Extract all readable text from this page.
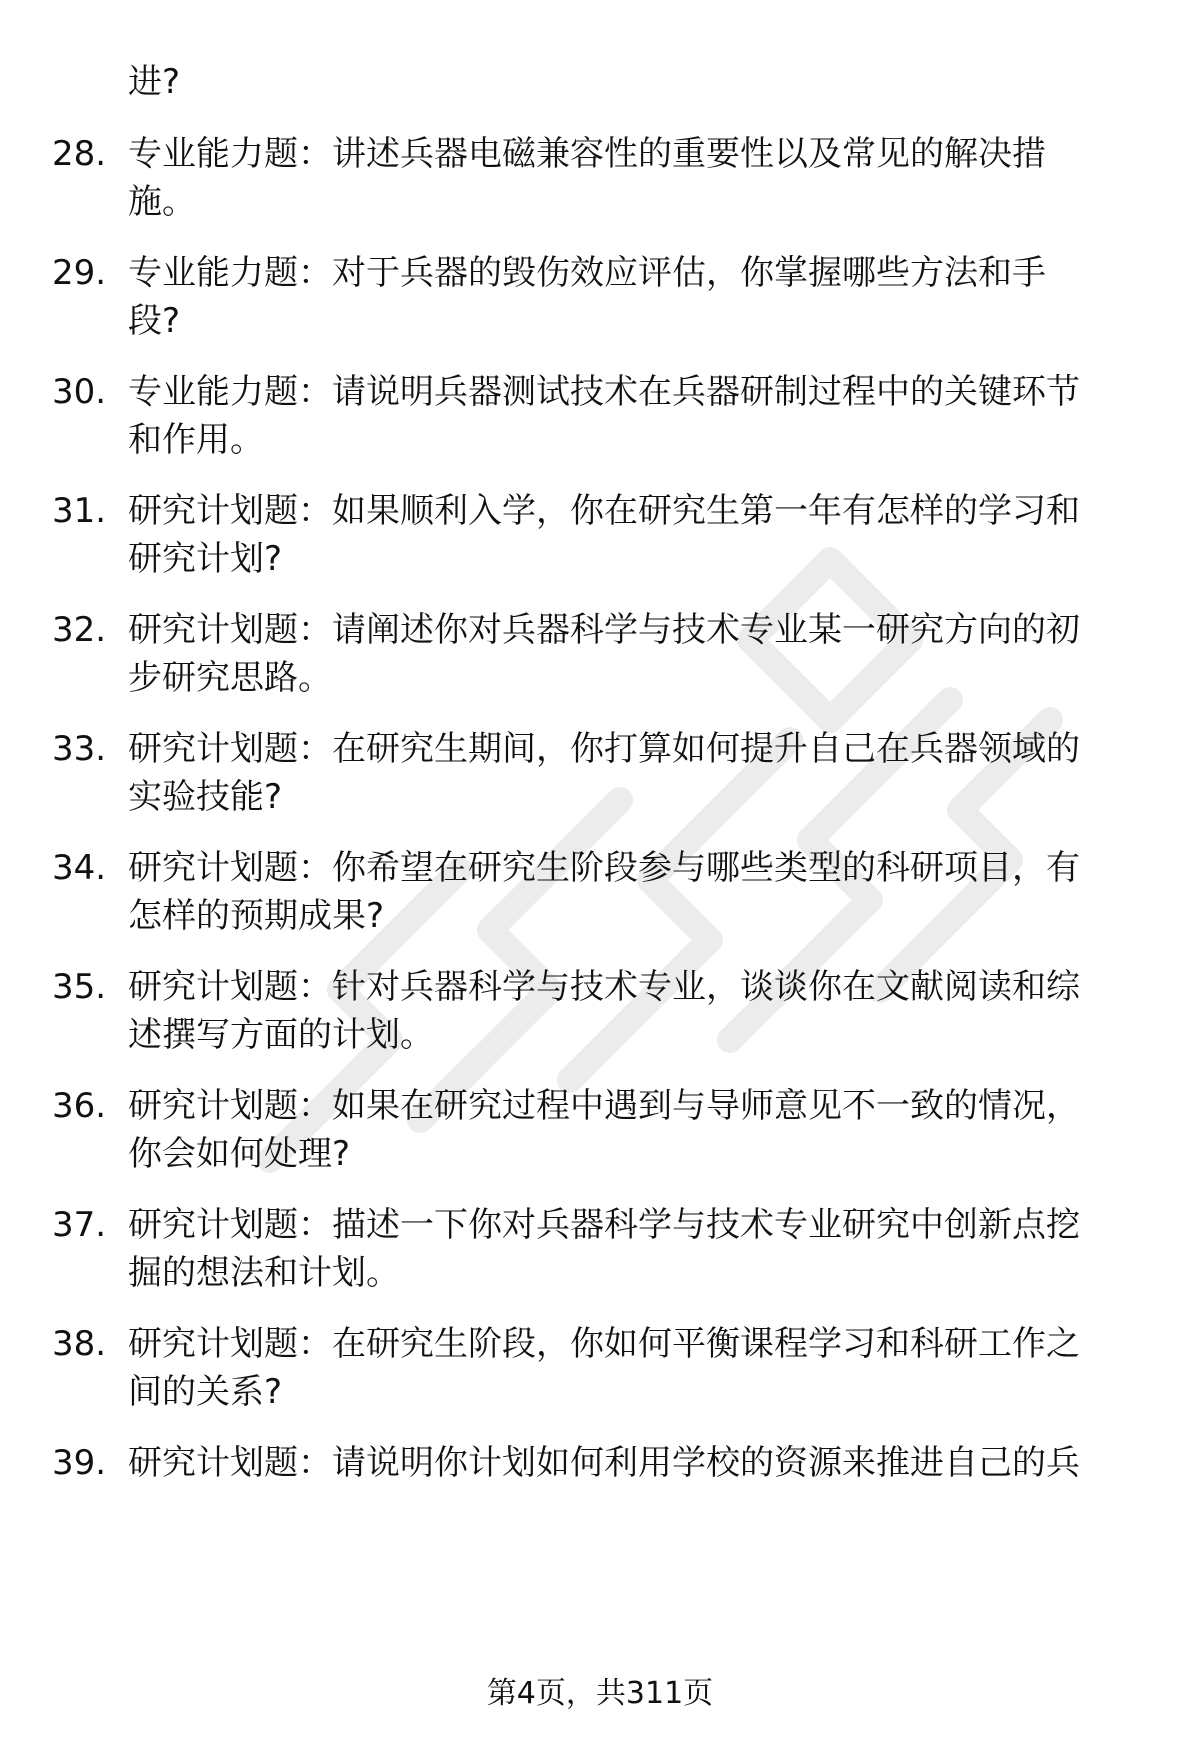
进?
28. 专业能力题：讲述兵器电磁兼容性的重要性以及常见的解决措
施。
29. 专业能力题：对于兵器的毁伤效应评估，你掌握哪些方法和手
段?
30. 专业能力题：请说明兵器测试技术在兵器研制过程中的关键环节
和作用。
31. 研究计划题：如果顺利入学，你在研究生第一年有怎样的学习和
研究计划?
32. 研究计划题：请阐述你对兵器科学与技术专业某一研究方向的初
步研究思路。
33. 研究计划题：在研究生期间，你打算如何提升自己在兵器领域的
实验技能?
34. 研究计划题：你希望在研究生阶段参与哪些类型的科研项目，有
怎样的预期成果?
35. 研究计划题：针对兵器科学与技术专业，谈谈你在文献阅读和综
述撰写方面的计划。
36. 研究计划题：如果在研究过程中遇到与导师意见不一致的情况，
你会如何处理?
37. 研究计划题：描述一下你对兵器科学与技术专业研究中创新点挖
掘的想法和计划。
38. 研究计划题：在研究生阶段，你如何平衡课程学习和科研工作之
间的关系?
39. 研究计划题：请说明你计划如何利用学校的资源来推进自己的兵
第4页，共311页
